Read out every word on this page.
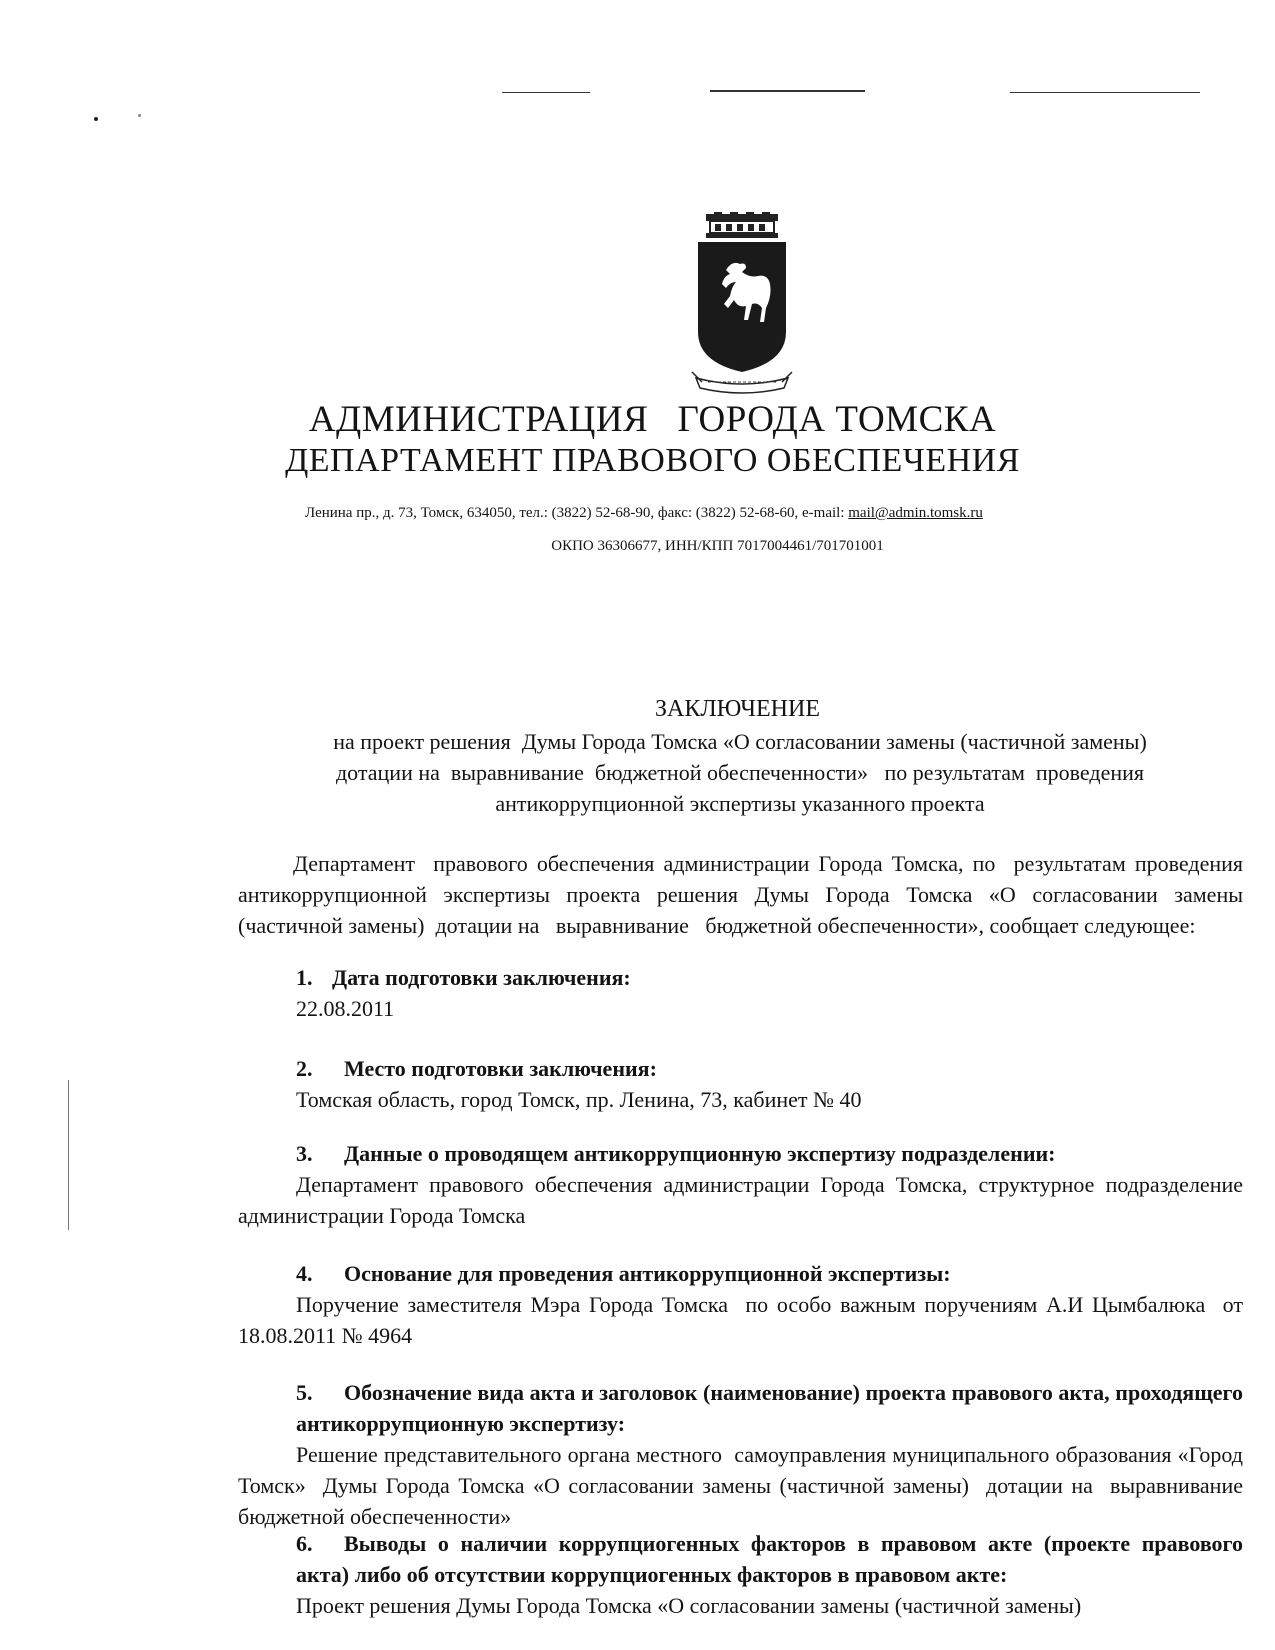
АДМИНИСТРАЦИЯ   ГОРОДА ТОМСКА
ДЕПАРТАМЕНТ ПРАВОВОГО ОБЕСПЕЧЕНИЯ
Ленина пр., д. 73, Томск, 634050, тел.: (3822) 52-68-90, факс: (3822) 52-68-60, e-mail: mail@admin.tomsk.ru
ОКПО 36306677, ИНН/КПП 7017004461/701701001
ЗАКЛЮЧЕНИЕ
на проект решения  Думы Города Томска «О согласовании замены (частичной замены)
дотации на  выравнивание  бюджетной обеспеченности»   по результатам  проведения
антикоррупционной экспертизы указанного проекта
Департамент  правового обеспечения администрации Города Томска, по  результатам проведения  антикоррупционной экспертизы проекта решения Думы Города Томска «О согласовании замены (частичной замены)  дотации на   выравнивание   бюджетной обеспеченности», сообщает следующее:
1. Дата подготовки заключения:
22.08.2011
2. Место подготовки заключения:
Томская область, город Томск, пр. Ленина, 73, кабинет № 40
3. Данные о проводящем антикоррупционную экспертизу подразделении:
Департамент правового обеспечения администрации Города Томска, структурное подразделение администрации Города Томска
4. Основание для проведения антикоррупционной экспертизы:
Поручение заместителя Мэра Города Томска  по особо важным поручениям А.И Цымбалюка  от 18.08.2011 № 4964
5. Обозначение вида акта и заголовок (наименование) проекта правового акта, проходящего антикоррупционную экспертизу:
Решение представительного органа местного  самоуправления муниципального образования «Город Томск»  Думы Города Томска «О согласовании замены (частичной замены)  дотации на  выравнивание  бюджетной обеспеченности»
6. Выводы о наличии коррупциогенных факторов в правовом акте (проекте правового акта) либо об отсутствии коррупциогенных факторов в правовом акте:
Проект решения Думы Города Томска «О согласовании замены (частичной замены)
